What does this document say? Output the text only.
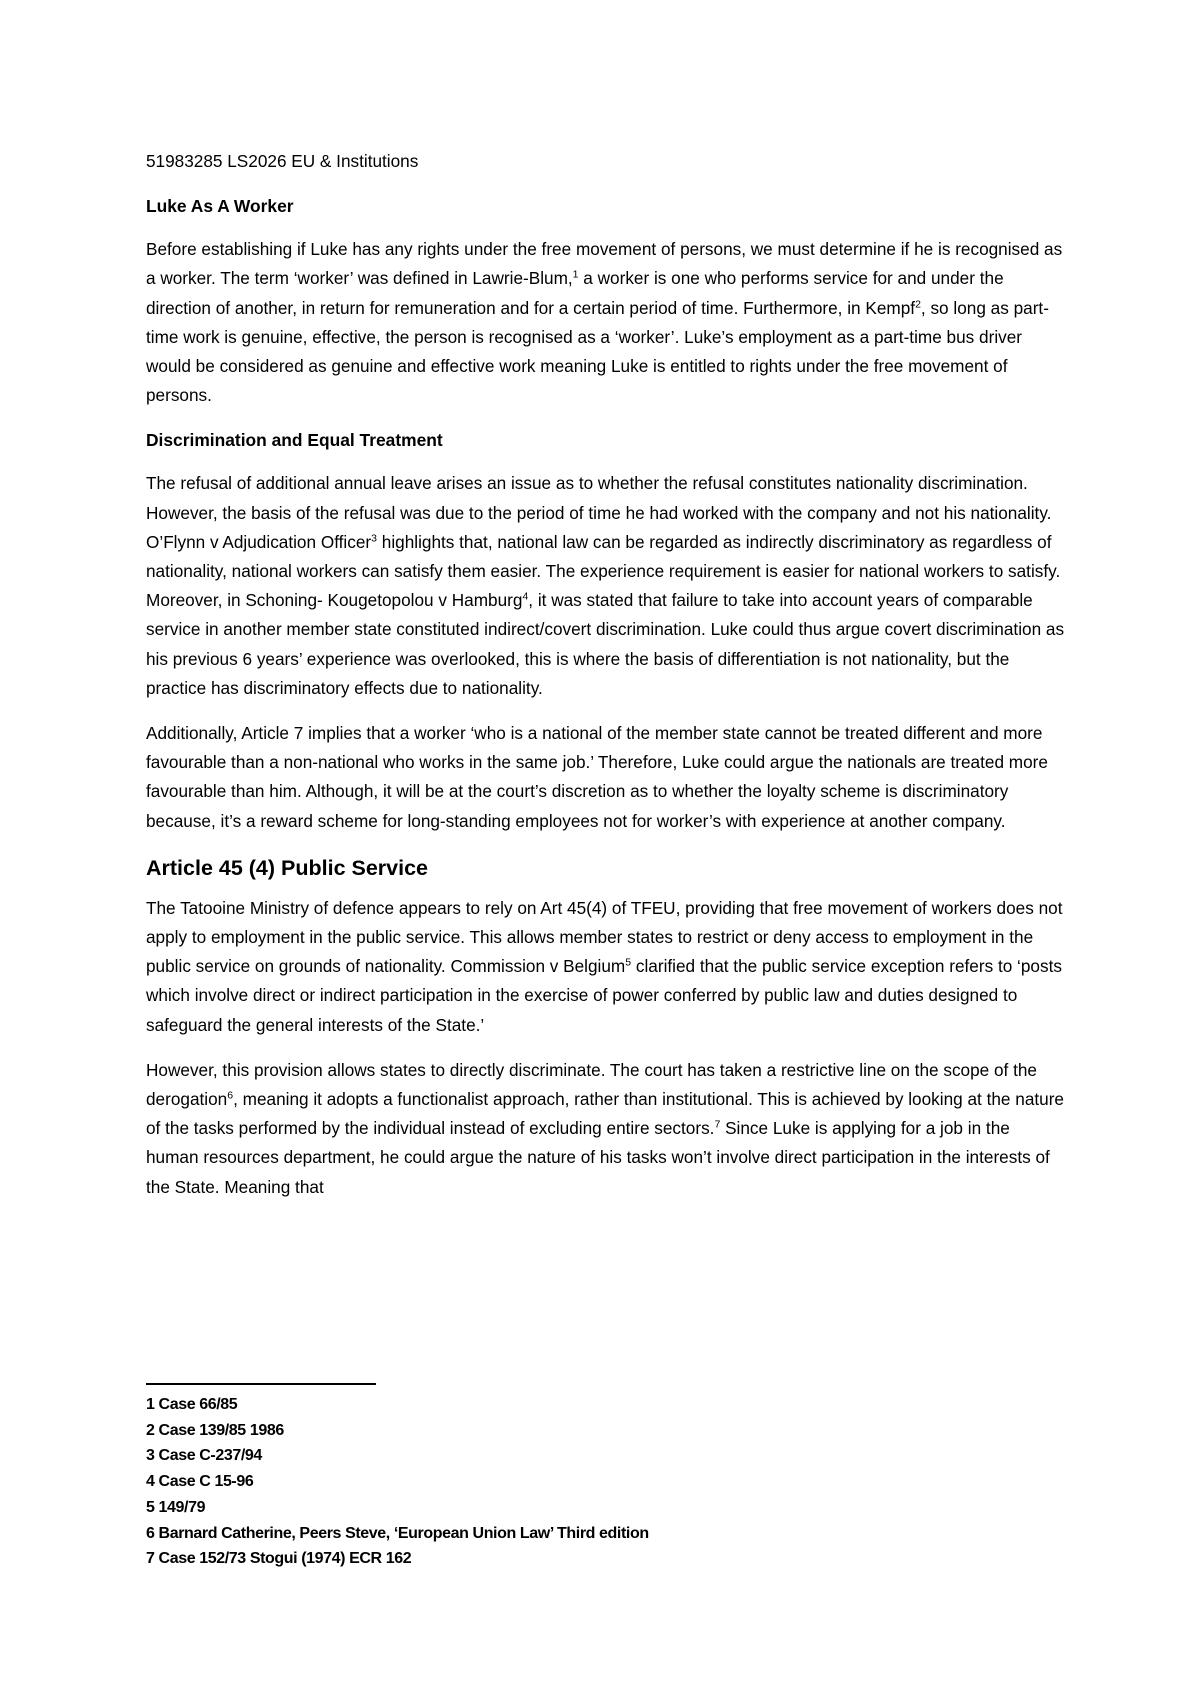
51983285 LS2026 EU & Institutions
Luke As A Worker

Before establishing if Luke has any rights under the free movement of persons, we must determine if he is recognised as a worker. The term ‘worker’ was defined in Lawrie-Blum,$^1$ a worker is one who performs service for and under the direction of another, in return for remuneration and for a certain period of time. Furthermore, in Kempf$^2$, so long as part-time work is genuine, effective, the person is recognised as a ‘worker’. Luke’s employment as a part-time bus driver would be considered as genuine and effective work meaning Luke is entitled to rights under the free movement of persons.

Discrimination and Equal Treatment

The refusal of additional annual leave arises an issue as to whether the refusal constitutes nationality discrimination. However, the basis of the refusal was due to the period of time he had worked with the company and not his nationality. O’Flynn v Adjudication Officer$^3$ highlights that, national law can be regarded as indirectly discriminatory as regardless of nationality, national workers can satisfy them easier. The experience requirement is easier for national workers to satisfy. Moreover, in Schoning- Kougetopolou v Hamburg$^4$, it was stated that failure to take into account years of comparable service in another member state constituted indirect/covert discrimination. Luke could thus argue covert discrimination as his previous 6 years’ experience was overlooked, this is where the basis of differentiation is not nationality, but the practice has discriminatory effects due to nationality.

Additionally, Article 7 implies that a worker ‘who is a national of the member state cannot be treated different and more favourable than a non-national who works in the same job.’ Therefore, Luke could argue the nationals are treated more favourable than him. Although, it will be at the court’s discretion as to whether the loyalty scheme is discriminatory because, it’s a reward scheme for long-standing employees not for worker’s with experience at another company.

Article 45 (4) Public Service

The Tatooine Ministry of defence appears to rely on Art 45(4) of TFEU, providing that free movement of workers does not apply to employment in the public service. This allows member states to restrict or deny access to employment in the public service on grounds of nationality. Commission v Belgium$^5$ clarified that the public service exception refers to ‘posts which involve direct or indirect participation in the exercise of power conferred by public law and duties designed to safeguard the general interests of the State.’

However, this provision allows states to directly discriminate. The court has taken a restrictive line on the scope of the derogation$^6$, meaning it adopts a functionalist approach, rather than institutional. This is achieved by looking at the nature of the tasks performed by the individual instead of excluding entire sectors.$^7$ Since Luke is applying for a job in the human resources department, he could argue the nature of his tasks won’t involve direct participation in the interests of the State. Meaning that

1 Case 66/85
2 Case 139/85 1986
3 Case C-237/94
4 Case C 15-96
5 149/79
6 Barnard Catherine, Peers Steve, ‘European Union Law’ Third edition
7 Case 152/73 Stogui (1974) ECR 162
